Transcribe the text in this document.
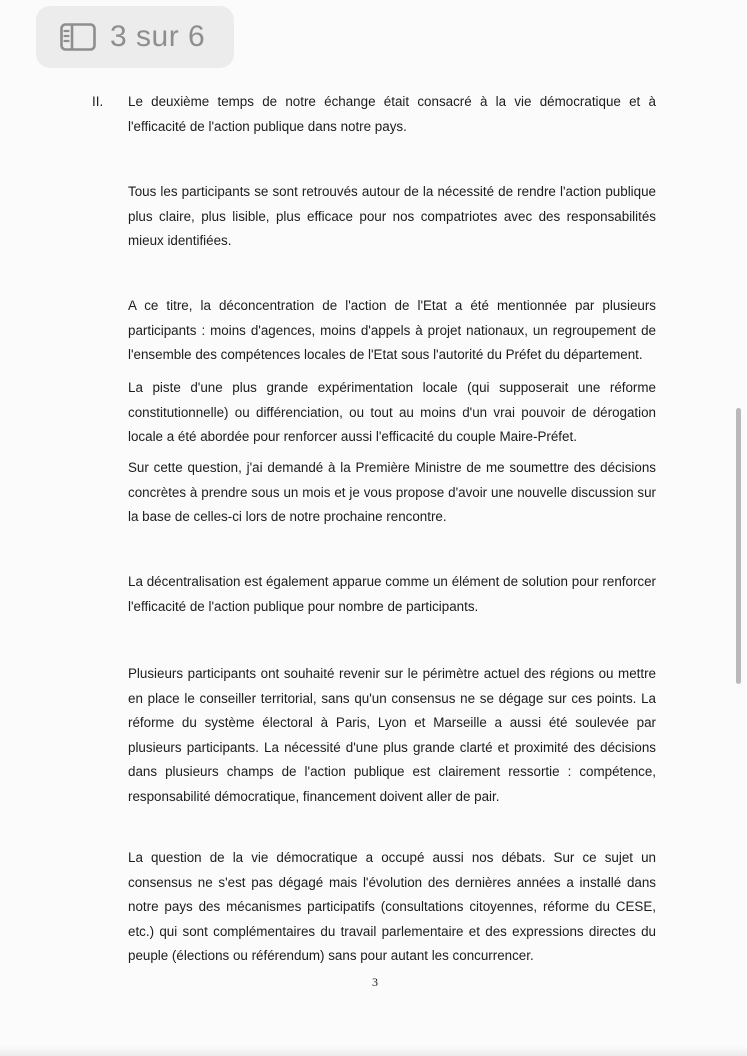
II. Le deuxième temps de notre échange était consacré à la vie démocratique et à l'efficacité de l'action publique dans notre pays.

Tous les participants se sont retrouvés autour de la nécessité de rendre l'action publique plus claire, plus lisible, plus efficace pour nos compatriotes avec des responsabilités mieux identifiées.

A ce titre, la déconcentration de l'action de l'Etat a été mentionnée par plusieurs participants : moins d'agences, moins d'appels à projet nationaux, un regroupement de l'ensemble des compétences locales de l'Etat sous l'autorité du Préfet du département.

La piste d'une plus grande expérimentation locale (qui supposerait une réforme constitutionnelle) ou différenciation, ou tout au moins d'un vrai pouvoir de dérogation locale a été abordée pour renforcer aussi l'efficacité du couple Maire-Préfet.

Sur cette question, j'ai demandé à la Première Ministre de me soumettre des décisions concrètes à prendre sous un mois et je vous propose d'avoir une nouvelle discussion sur la base de celles-ci lors de notre prochaine rencontre.

La décentralisation est également apparue comme un élément de solution pour renforcer l'efficacité de l'action publique pour nombre de participants.

Plusieurs participants ont souhaité revenir sur le périmètre actuel des régions ou mettre en place le conseiller territorial, sans qu'un consensus ne se dégage sur ces points. La réforme du système électoral à Paris, Lyon et Marseille a aussi été soulevée par plusieurs participants. La nécessité d'une plus grande clarté et proximité des décisions dans plusieurs champs de l'action publique est clairement ressortie : compétence, responsabilité démocratique, financement doivent aller de pair.

La question de la vie démocratique a occupé aussi nos débats. Sur ce sujet un consensus ne s'est pas dégagé mais l'évolution des dernières années a installé dans notre pays des mécanismes participatifs (consultations citoyennes, réforme du CESE, etc.) qui sont complémentaires du travail parlementaire et des expressions directes du peuple (élections ou référendum) sans pour autant les concurrencer.

3
3 sur 6
